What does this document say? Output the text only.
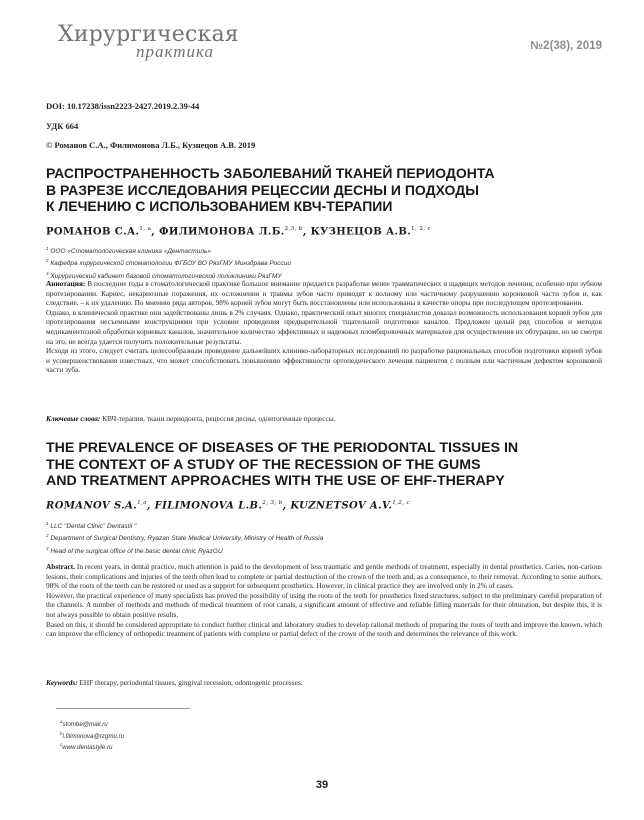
Хирургическая
практика	№2(38), 2019
DOI: 10.17238/issn2223-2427.2019.2.39-44
УДК 664
© Романов С.А., Филимонова Л.Б., Кузнецов А.В. 2019
РАСПРОСТРАНЕННОСТЬ ЗАБОЛЕВАНИЙ ТКАНЕЙ ПЕРИОДОНТА
В РАЗРЕЗЕ ИССЛЕДОВАНИЯ РЕЦЕССИИ ДЕСНЫ И ПОДХОДЫ
К ЛЕЧЕНИЮ С ИСПОЛЬЗОВАНИЕМ КВЧ-ТЕРАПИИ
РОМАНОВ С.А.$^{1, a}$, ФИЛИМОНОВА Л.Б.$^{2,3, b}$, КУЗНЕЦОВ А.В.$^{1, 2, c}$
$^1$ ООО «Стоматологическая клиника «Дентастиль»
$^2$ Кафедра хирургической стоматологии ФГБОУ ВО РязГМУ Минздрава России
$^3$ Хирургический кабинет базовой стоматологической поликлиники РязГМУ

Аннотация: В последние годы в стоматологической практике большое внимание придается разработке менее травматических и щадящих методов лечения, особенно при зубном протезировании. Кариес, некариозные поражения, их осложнения и травмы зубов часто приводят к полному или частичному разрушению коронковой части зубов и, как следствие, – к их удалению. По мнению ряда авторов, 98% корней зубов могут быть восстановлены или использованы в качестве опоры при последующем протезировании.

Однако, в клинической практике они задействованы лишь в 2% случаях. Однако, практический опыт многих специалистов доказал возможность использования корней зубов для протезирования несъемными конструкциями при условии проведения предварительной тщательной подготовки каналов. Предложен целый ряд способов и методов медикаментозной обработки корневых каналов, значительное количество эффективных и надежных пломбировочных материалов для осуществления их обтурации, но не смотря на это, не всегда удается получить положительные результаты.

Исходя из этого, следует считать целесообразным проведение дальнейших клинико-лабораторных исследований по разработке рациональных способов подготовки корней зубов и усовершенствования известных, что может способствовать повышению эффективности ортопедического лечения пациентов с полным или частичным дефектом коронковой части зуба.

Ключевые слова: КВЧ-терапия, ткани периодонта, рецессия десны, одонтогенные процессы.
THE PREVALENCE OF DISEASES OF THE PERIODONTAL TISSUES IN
THE CONTEXT OF A STUDY OF THE RECESSION OF THE GUMS
AND TREATMENT APPROACHES WITH THE USE OF EHF-THERAPY
ROMANOV S.A.$^{1,a}$, FILIMONOVA L.B.$^{2, 3, b}$, KUZNETSOV A.V.$^{1,2, c}$
$^1$ LLC "Dental Clinic" Dentastil "
$^2$ Department of Surgical Dentistry, Ryazan State Medical University, Ministry of Health of Russia
$^3$ Head of the surgical office of the basic dental clinic RyazGU

Abstract. In recent years, in dental practice, much attention is paid to the development of less traumatic and gentle methods of treatment, especially in dental prosthetics. Caries, non-carious lesions, their complications and injuries of the teeth often lead to complete or partial destruction of the crown of the teeth and, as a consequence, to their removal. According to some authors, 98% of the roots of the teeth can be restored or used as a support for subsequent prosthetics. However, in clinical practice they are involved only in 2% of cases.

However, the practical experience of many specialists has proved the possibility of using the roots of the teeth for prosthetics fixed structures, subject to the preliminary careful preparation of the channels. A number of methods and methods of medical treatment of root canals, a significant amount of effective and reliable filling materials for their obturation, but despite this, it is not always possible to obtain positive results.

Based on this, it should be considered appropriate to conduct further clinical and laboratory studies to develop rational methods of preparing the roots of teeth and improve the known, which can improve the efficiency of orthopedic treatment of patients with complete or partial defect of the crown of the tooth and determines the relevance of this work.

Keywords: EHF therapy, periodontal tissues, gingival recession, odontogenic processes.
$^a$stombe@mail.ru
$^b$l.filimonova@rzgmu.ru
$^c$www.dentastyle.ru
39
